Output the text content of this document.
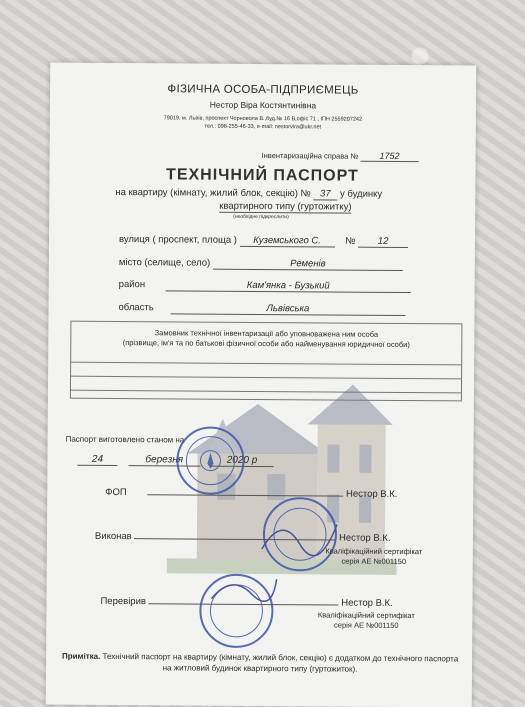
ФІЗИЧНА ОСОБА-ПІДПРИЄМЕЦЬ
Нестор Віра Костянтинівна
79019, м. Львів, проспект Чорновола В.,буд.№ 16 В,офіс 71 , ІПН 2559207242
тел.: 098-255-46-33, e-mail: nestorvira@ukr.net
Інвентаризаційна справа № 1752
ТЕХНІЧНИЙ ПАСПОРТ
на квартиру (кімнату, жилий блок, секцію) № 37 у будинку
квартирного типу (гуртожитку)
(необхідне підкреслити)
вулиця ( проспект, площа ) Куземського С.	№ 12
місто (селище, село)	Ременів
район	Кам'янка - Бузький
область	Львівська
Замовник технічної інвентаризації або уповноважена ним особа
(прізвище, ім'я та по батькові фізичної особи або найменування юридичної особи)
Паспорт виготовлено станом на
24	березня	2020 р
ФОП	Нестор В.К.
Виконав	Нестор В.К.
Кваліфікаційний сертифікат
серія АЕ №001150
Перевірив	Нестор В.К.
Кваліфікаційний сертифікат
серія АЕ №001150
Примітка. Технічний паспорт на квартиру (кімнату, жилий блок, секцію) є додатком до технічного паспорта на житловий будинок квартирного типу (гуртожиток).
